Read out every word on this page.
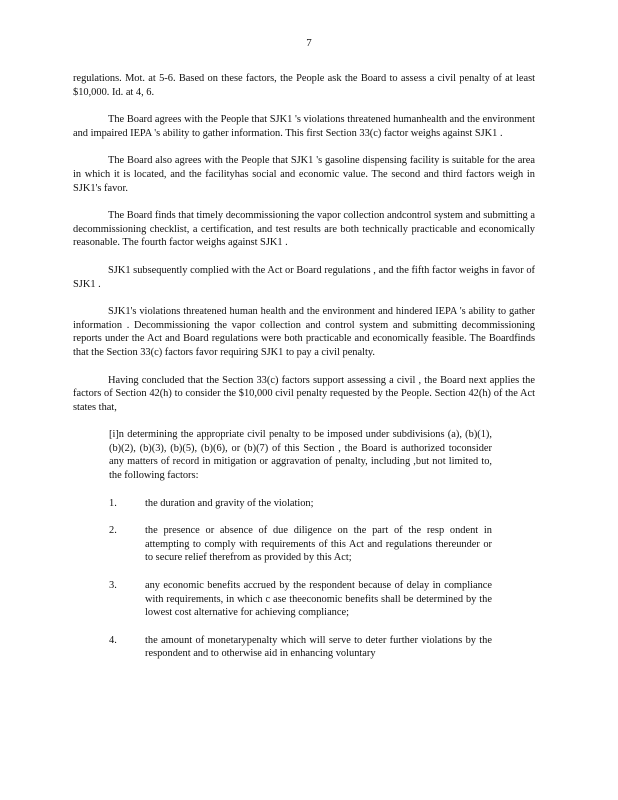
7

regulations. Mot. at 5-6. Based on these factors, the People ask the Board to assess a civil penalty of at least $10,000. Id. at 4, 6.

The Board agrees with the People that SJK1 's violations threatened humanhealth and the environment and impaired IEPA 's ability to gather information. This first Section 33(c) factor weighs against SJK1 .

The Board also agrees with the People that SJK1 's gasoline dispensing facility is suitable for the area in which it is located, and the facilityhas social and economic value. The second and third factors weigh in SJK1's favor.

The Board finds that timely decommissioning the vapor collection andcontrol system and submitting a decommissioning checklist, a certification, and test results are both technically practicable and economically reasonable. The fourth factor weighs against SJK1 .

SJK1 subsequently complied with the Act or Board regulations , and the fifth factor weighs in favor of SJK1 .

SJK1's violations threatened human health and the environment and hindered IEPA 's ability to gather information . Decommissioning the vapor collection and control system and submitting decommissioning reports under the Act and Board regulations were both practicable and economically feasible. The Boardfinds that the Section 33(c) factors favor requiring SJK1 to pay a civil penalty.

Having concluded that the Section 33(c) factors support assessing a civil , the Board next applies the factors of Section 42(h) to consider the $10,000 civil penalty requested by the People. Section 42(h) of the Act states that,

[i]n determining the appropriate civil penalty to be imposed under subdivisions (a), (b)(1), (b)(2), (b)(3), (b)(5), (b)(6), or (b)(7) of this Section , the Board is authorized toconsider any matters of record in mitigation or aggravation of penalty, including ,but not limited to, the following factors:

1.	the duration and gravity of the violation;
2.	the presence or absence of due diligence on the part of the resp ondent in attempting to comply with requirements of this Act and regulations thereunder or to secure relief therefrom as provided by this Act;
3.	any economic benefits accrued by the respondent because of delay in compliance with requirements, in which c ase theeconomic benefits shall be determined by the lowest cost alternative for achieving compliance;
4.	the amount of monetarypenalty which will serve to deter further violations by the respondent and to otherwise aid in enhancing voluntary
